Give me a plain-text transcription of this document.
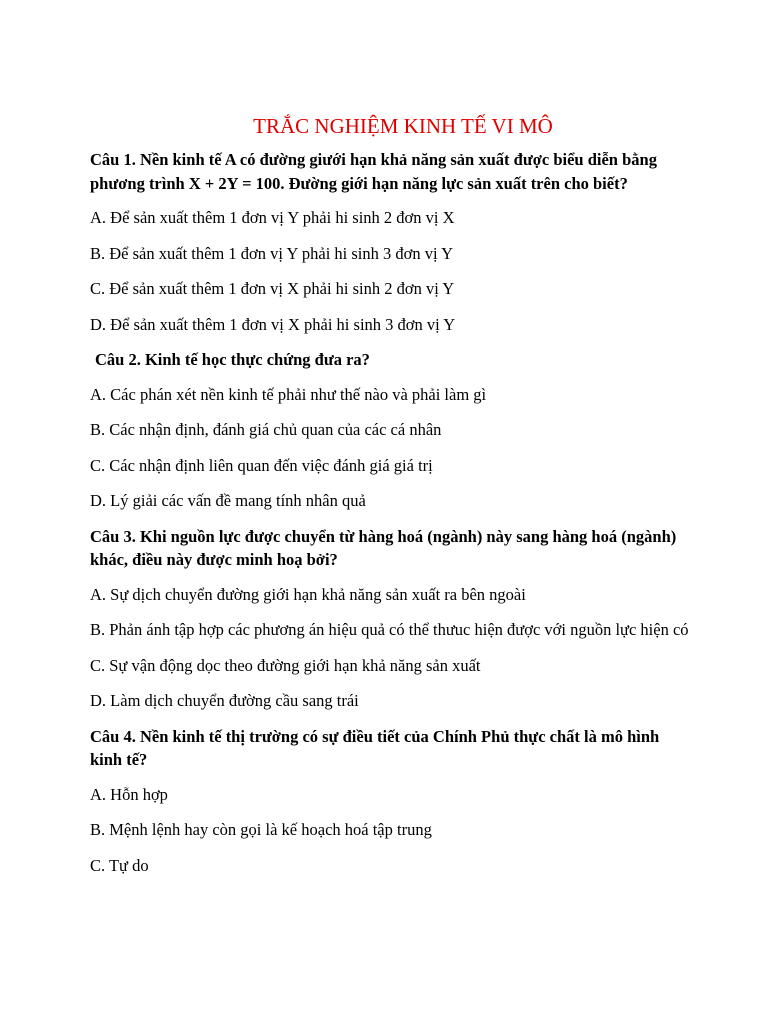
TRẮC NGHIỆM KINH TẾ VI MÔ
Câu 1. Nền kinh tế A có đường giưới hạn khả năng sản xuất được biểu diễn bằng phương trình X + 2Y = 100. Đường giới hạn năng lực sản xuất trên cho biết?
A. Để sản xuất thêm 1 đơn vị Y phải hi sinh 2 đơn vị X
B. Để sản xuất thêm 1 đơn vị Y phải hi sinh 3 đơn vị Y
C. Để sản xuất thêm 1 đơn vị X phải hi sinh 2 đơn vị Y
D. Để sản xuất thêm 1 đơn vị X phải hi sinh 3 đơn vị Y
Câu 2. Kinh tế học thực chứng đưa ra?
A. Các phán xét nền kinh tế phải như thế nào và phải làm gì
B. Các nhận định, đánh giá chủ quan của các cá nhân
C. Các nhận định liên quan đến việc đánh giá giá trị
D. Lý giải các vấn đề mang tính nhân quả
Câu 3. Khi nguồn lực được chuyển từ hàng hoá (ngành) này sang hàng hoá (ngành) khác, điều này được minh hoạ bởi?
A. Sự dịch chuyển đường giới hạn khả năng sản xuất ra bên ngoài
B. Phản ánh tập hợp các phương án hiệu quả có thể thưuc hiện được với nguồn lực hiện có
C. Sự vận động dọc theo đường giới hạn khả năng sản xuất
D. Làm dịch chuyển đường cầu sang trái
Câu 4. Nền kinh tế thị trường có sự điều tiết của Chính Phủ thực chất là mô hình kinh tế?
A. Hỗn hợp
B. Mệnh lệnh hay còn gọi là kế hoạch hoá tập trung
C. Tự do
